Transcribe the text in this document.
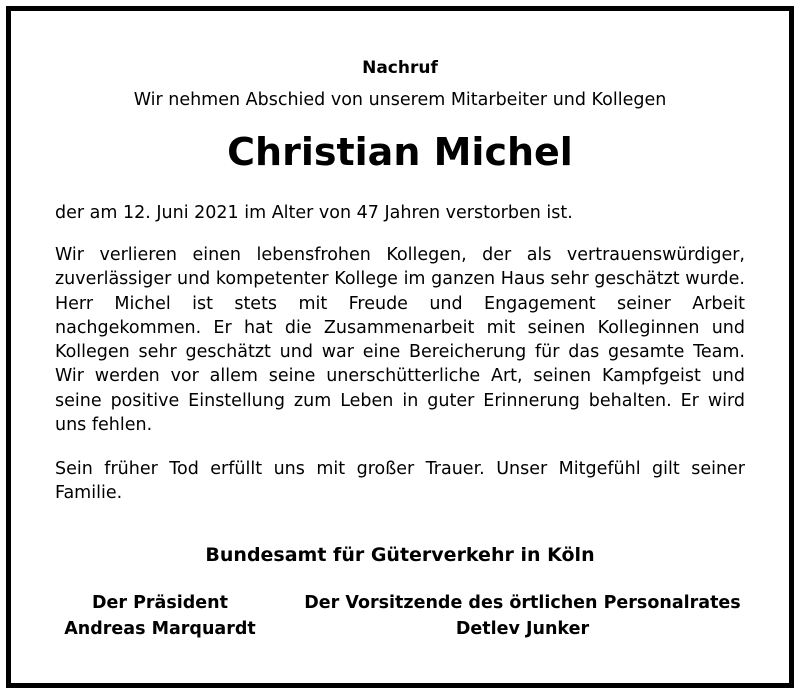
Nachruf
Wir nehmen Abschied von unserem Mitarbeiter und Kollegen
Christian Michel
der am 12. Juni 2021 im Alter von 47 Jahren verstorben ist.
Wir verlieren einen lebensfrohen Kollegen, der als vertrauenswürdiger, zuverlässiger und kompetenter Kollege im ganzen Haus sehr geschätzt wurde. Herr Michel ist stets mit Freude und Engagement seiner Arbeit nachgekommen. Er hat die Zusammenarbeit mit seinen Kolleginnen und Kollegen sehr geschätzt und war eine Bereicherung für das gesamte Team. Wir werden vor allem seine unerschütterliche Art, seinen Kampfgeist und seine positive Einstellung zum Leben in guter Erinnerung behalten. Er wird uns fehlen.
Sein früher Tod erfüllt uns mit großer Trauer. Unser Mitgefühl gilt seiner Familie.
Bundesamt für Güterverkehr in Köln
Der Präsident
Andreas Marquardt
Der Vorsitzende des örtlichen Personalrates
Detlev Junker
